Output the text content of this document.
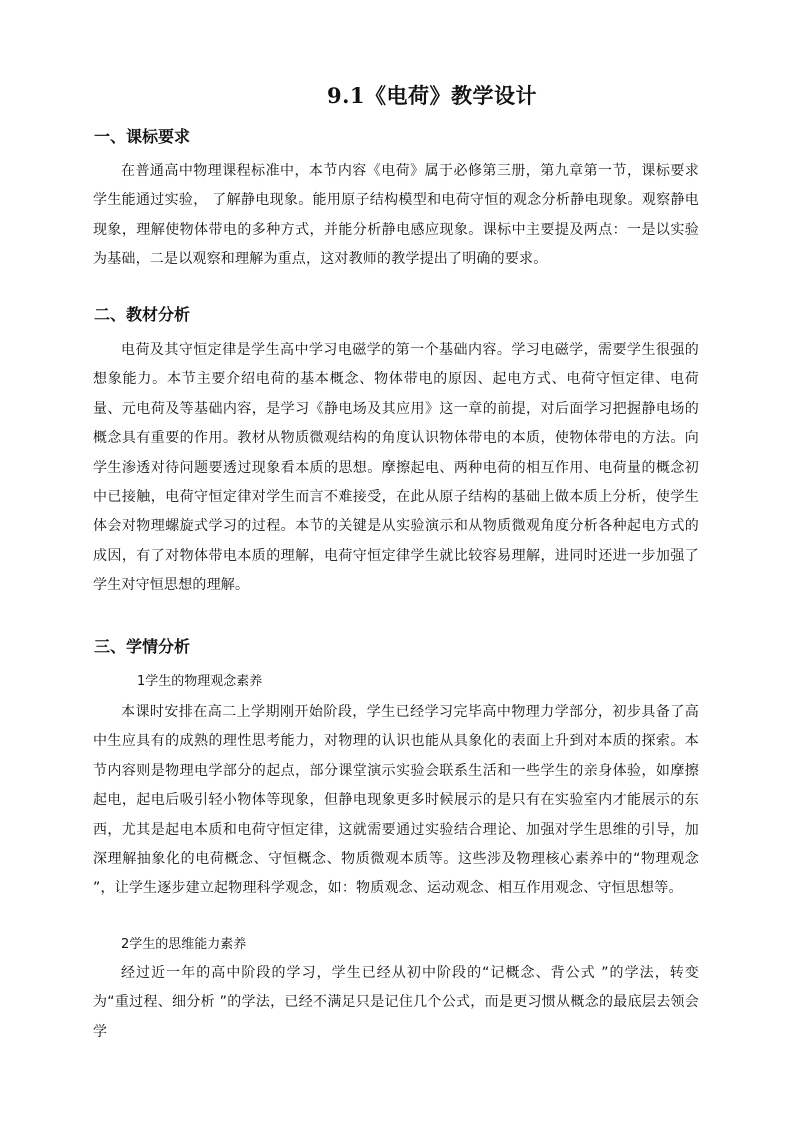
9.1《电荷》教学设计
一、课标要求

在普通高中物理课程标准中，本节内容《电荷》属于必修第三册，第九章第一节，课标要求学生能通过实验， 了解静电现象。能用原子结构模型和电荷守恒的观念分析静电现象。观察静电现象，理解使物体带电的多种方式，并能分析静电感应现象。课标中主要提及两点：一是以实验为基础，二是以观察和理解为重点，这对教师的教学提出了明确的要求。

二、教材分析

电荷及其守恒定律是学生高中学习电磁学的第一个基础内容。学习电磁学，需要学生很强的想象能力。本节主要介绍电荷的基本概念、物体带电的原因、起电方式、电荷守恒定律、电荷量、元电荷及等基础内容，是学习《静电场及其应用》这一章的前提，对后面学习把握静电场的概念具有重要的作用。教材从物质微观结构的角度认识物体带电的本质，使物体带电的方法。向学生渗透对待问题要透过现象看本质的思想。摩擦起电、两种电荷的相互作用、电荷量的概念初中已接触，电荷守恒定律对学生而言不难接受，在此从原子结构的基础上做本质上分析，使学生体会对物理螺旋式学习的过程。本节的关键是从实验演示和从物质微观角度分析各种起电方式的成因，有了对物体带电本质的理解，电荷守恒定律学生就比较容易理解，进同时还进一步加强了学生对守恒思想的理解。

三、学情分析
1学生的物理观念素养

本课时安排在高二上学期刚开始阶段，学生已经学习完毕高中物理力学部分，初步具备了高中生应具有的成熟的理性思考能力，对物理的认识也能从具象化的表面上升到对本质的探索。本节内容则是物理电学部分的起点，部分课堂演示实验会联系生活和一些学生的亲身体验，如摩擦起电，起电后吸引轻小物体等现象，但静电现象更多时候展示的是只有在实验室内才能展示的东西，尤其是起电本质和电荷守恒定律，这就需要通过实验结合理论、加强对学生思维的引导，加深理解抽象化的电荷概念、守恒概念、物质微观本质等。这些涉及物理核心素养中的“物理观念 ”，让学生逐步建立起物理科学观念，如：物质观念、运动观念、相互作用观念、守恒思想等。

2学生的思维能力素养

经过近一年的高中阶段的学习，学生已经从初中阶段的“记概念、背公式 ”的学法，转变为“重过程、细分析 ”的学法，已经不满足只是记住几个公式，而是更习惯从概念的最底层去领会学
